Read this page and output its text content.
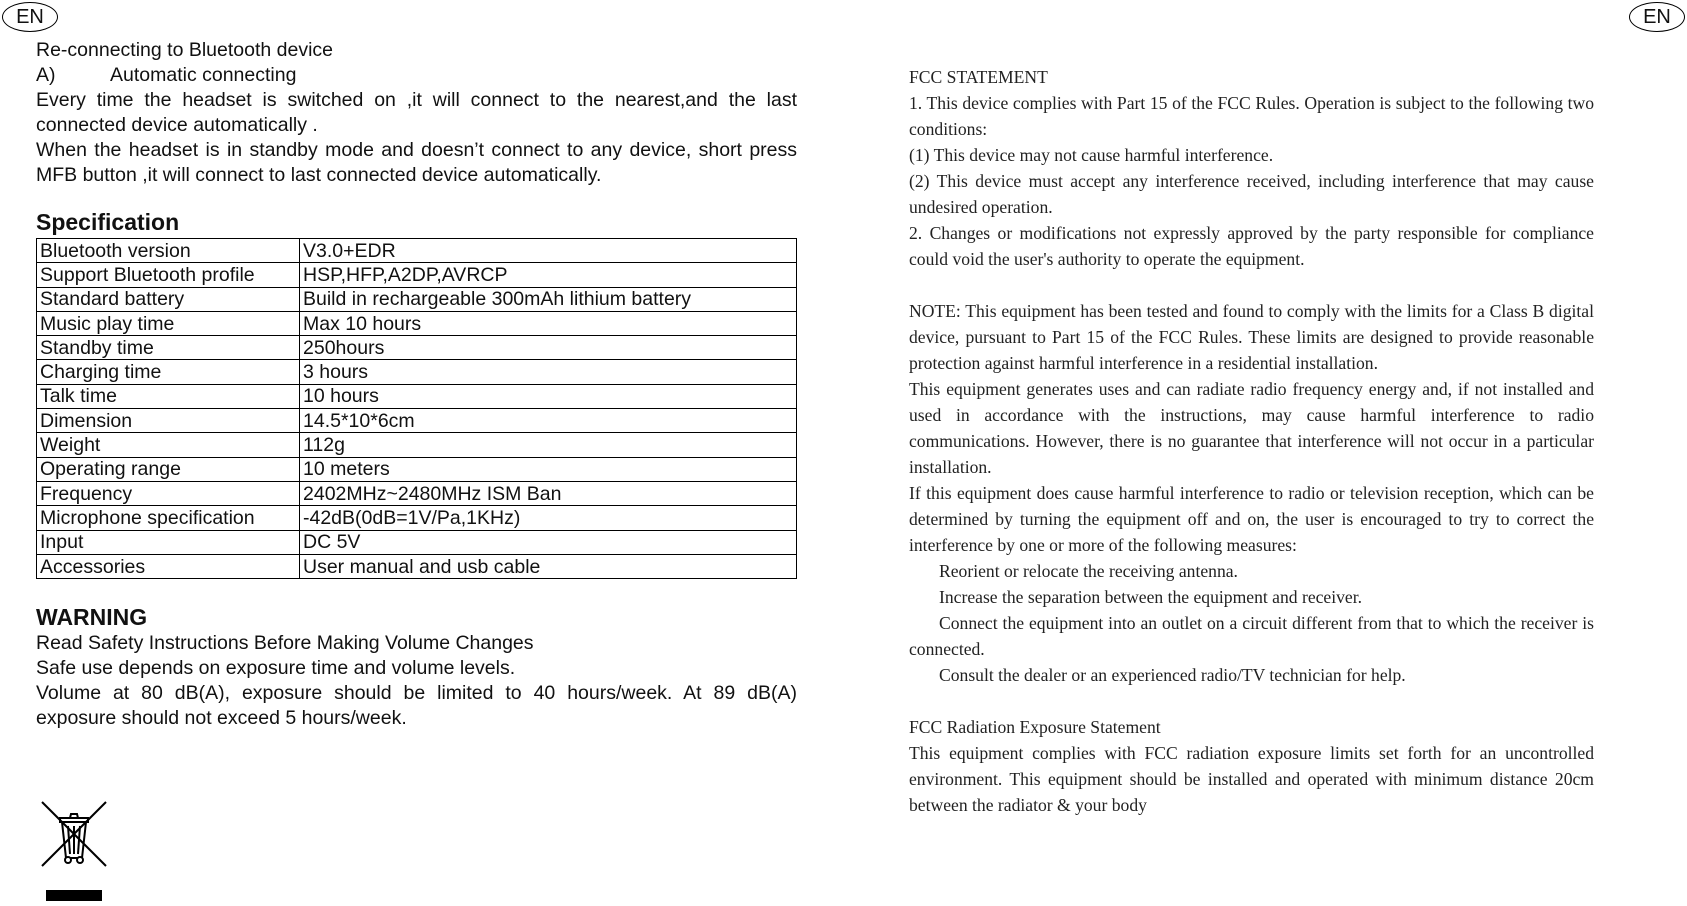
EN	EN

Re-connecting to Bluetooth device

A)	Automatic connecting

Every time the headset is switched on ,it will connect to the nearest,and the last connected device automatically .

When the headset is in standby mode and doesn’t connect to any device, short press MFB button ,it will connect to last connected device automatically.

Specification
Bluetooth version	V3.0+EDR
Support Bluetooth profile	HSP,HFP,A2DP,AVRCP
Standard battery	Build in rechargeable 300mAh lithium battery
Music play time	Max 10 hours
Standby time	250hours
Charging time	3 hours
Talk time	10 hours
Dimension	14.5*10*6cm
Weight	112g
Operating range	10 meters
Frequency	2402MHz~2480MHz ISM Ban
Microphone specification	-42dB(0dB=1V/Pa,1KHz)
Input	DC 5V
Accessories	User manual and usb cable
WARNING

Read Safety Instructions Before Making Volume Changes

Safe use depends on exposure time and volume levels.

Volume at 80 dB(A), exposure should be limited to 40 hours/week. At 89 dB(A) exposure should not exceed 5 hours/week.

FCC STATEMENT

1. This device complies with Part 15 of the FCC Rules. Operation is subject to the following two conditions:

(1) This device may not cause harmful interference.

(2) This device must accept any interference received, including interference that may cause undesired operation.

2. Changes or modifications not expressly approved by the party responsible for compliance could void the user's authority to operate the equipment.

NOTE: This equipment has been tested and found to comply with the limits for a Class B digital device, pursuant to Part 15 of the FCC Rules. These limits are designed to provide reasonable protection against harmful interference in a residential installation.

This equipment generates uses and can radiate radio frequency energy and, if not installed and used in accordance with the instructions, may cause harmful interference to radio communications. However, there is no guarantee that interference will not occur in a particular installation.

If this equipment does cause harmful interference to radio or television reception, which can be determined by turning the equipment off and on, the user is encouraged to try to correct the interference by one or more of the following measures:

Reorient or relocate the receiving antenna.

Increase the separation between the equipment and receiver.

Connect the equipment into an outlet on a circuit different from that to which the receiver is connected.

Consult the dealer or an experienced radio/TV technician for help.

FCC Radiation Exposure Statement

This equipment complies with FCC radiation exposure limits set forth for an uncontrolled environment. This equipment should be installed and operated with minimum distance 20cm between the radiator & your body
